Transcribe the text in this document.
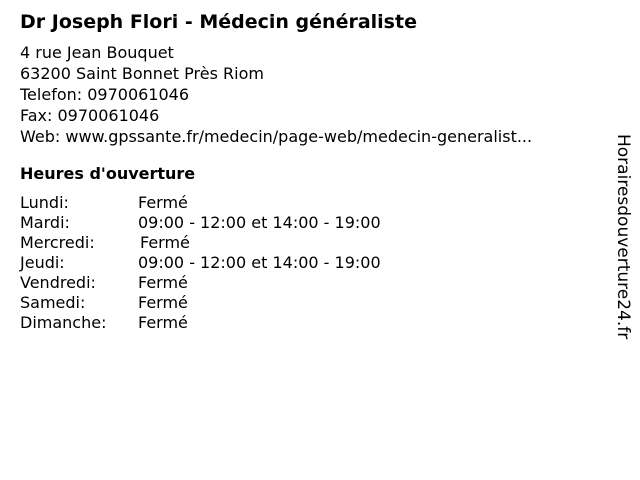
Dr Joseph Flori - Médecin généraliste
4 rue Jean Bouquet
63200 Saint Bonnet Près Riom
Telefon: 0970061046
Fax: 0970061046
Web: www.gpssante.fr/medecin/page-web/medecin-generalist...
Heures d'ouverture
Lundi:	Fermé
Mardi:	09:00 - 12:00 et 14:00 - 19:00
Mercredi:	Fermé
Jeudi:	09:00 - 12:00 et 14:00 - 19:00
Vendredi:	Fermé
Samedi:	Fermé
Dimanche: Fermé	Horairesdouverture24.fr
